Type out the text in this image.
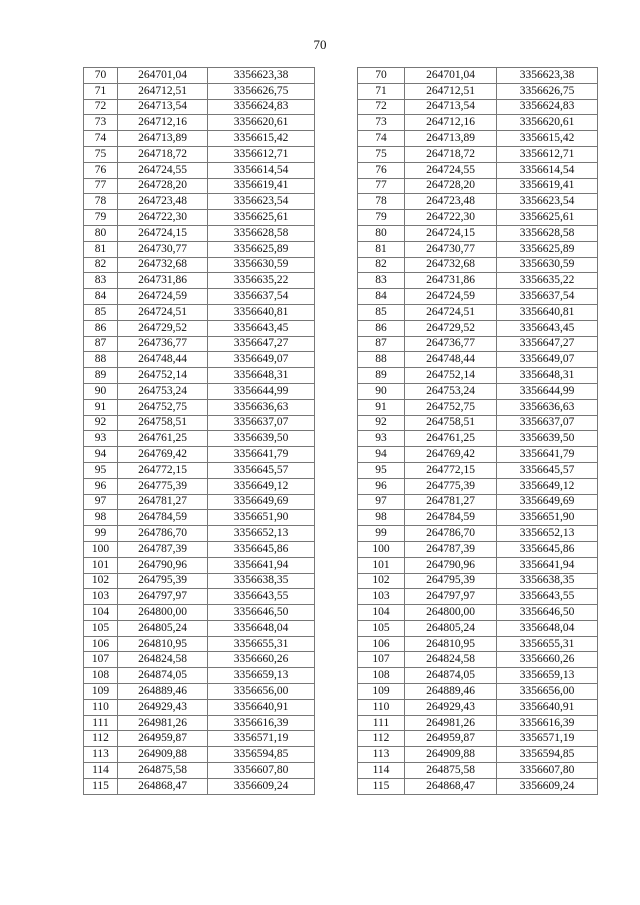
70
70	264701,04	3356623,38
71	264712,51	3356626,75
72	264713,54	3356624,83
73	264712,16	3356620,61
74	264713,89	3356615,42
75	264718,72	3356612,71
76	264724,55	3356614,54
77	264728,20	3356619,41
78	264723,48	3356623,54
79	264722,30	3356625,61
80	264724,15	3356628,58
81	264730,77	3356625,89
82	264732,68	3356630,59
83	264731,86	3356635,22
84	264724,59	3356637,54
85	264724,51	3356640,81
86	264729,52	3356643,45
87	264736,77	3356647,27
88	264748,44	3356649,07
89	264752,14	3356648,31
90	264753,24	3356644,99
91	264752,75	3356636,63
92	264758,51	3356637,07
93	264761,25	3356639,50
94	264769,42	3356641,79
95	264772,15	3356645,57
96	264775,39	3356649,12
97	264781,27	3356649,69
98	264784,59	3356651,90
99	264786,70	3356652,13
100	264787,39	3356645,86
101	264790,96	3356641,94
102	264795,39	3356638,35
103	264797,97	3356643,55
104	264800,00	3356646,50
105	264805,24	3356648,04
106	264810,95	3356655,31
107	264824,58	3356660,26
108	264874,05	3356659,13
109	264889,46	3356656,00
110	264929,43	3356640,91
111	264981,26	3356616,39
112	264959,87	3356571,19
113	264909,88	3356594,85
114	264875,58	3356607,80
115	264868,47	3356609,24
70	264701,04	3356623,38
71	264712,51	3356626,75
72	264713,54	3356624,83
73	264712,16	3356620,61
74	264713,89	3356615,42
75	264718,72	3356612,71
76	264724,55	3356614,54
77	264728,20	3356619,41
78	264723,48	3356623,54
79	264722,30	3356625,61
80	264724,15	3356628,58
81	264730,77	3356625,89
82	264732,68	3356630,59
83	264731,86	3356635,22
84	264724,59	3356637,54
85	264724,51	3356640,81
86	264729,52	3356643,45
87	264736,77	3356647,27
88	264748,44	3356649,07
89	264752,14	3356648,31
90	264753,24	3356644,99
91	264752,75	3356636,63
92	264758,51	3356637,07
93	264761,25	3356639,50
94	264769,42	3356641,79
95	264772,15	3356645,57
96	264775,39	3356649,12
97	264781,27	3356649,69
98	264784,59	3356651,90
99	264786,70	3356652,13
100	264787,39	3356645,86
101	264790,96	3356641,94
102	264795,39	3356638,35
103	264797,97	3356643,55
104	264800,00	3356646,50
105	264805,24	3356648,04
106	264810,95	3356655,31
107	264824,58	3356660,26
108	264874,05	3356659,13
109	264889,46	3356656,00
110	264929,43	3356640,91
111	264981,26	3356616,39
112	264959,87	3356571,19
113	264909,88	3356594,85
114	264875,58	3356607,80
115	264868,47	3356609,24
